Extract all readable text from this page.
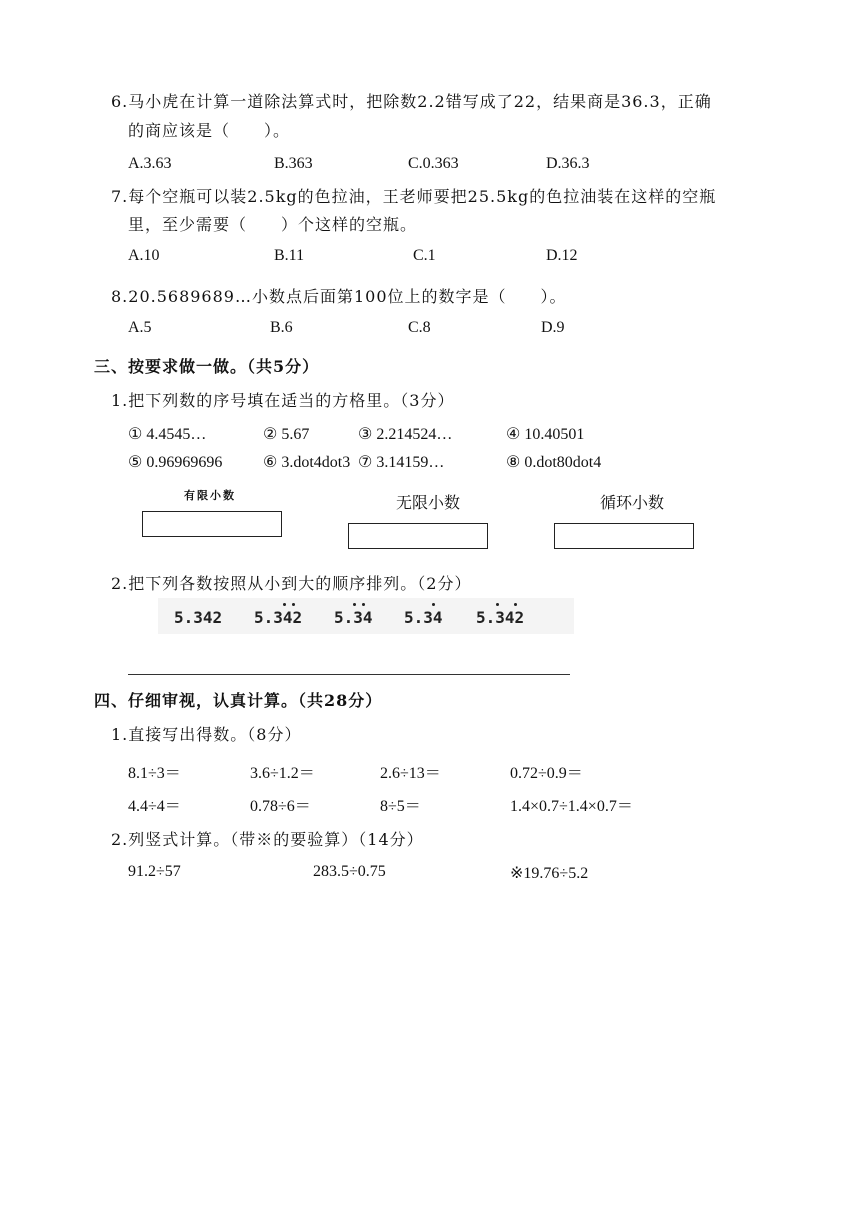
6.马小虎在计算一道除法算式时，把除数2.2错写成了22，结果商是36.3，正确
的商应该是（　　）。
A.3.63	B.363	C.0.363	D.36.3
7.每个空瓶可以装2.5kg的色拉油，王老师要把25.5kg的色拉油装在这样的空瓶
里，至少需要（　　）个这样的空瓶。
A.10	B.11	C.1	D.12
8.20.5689689…小数点后面第100位上的数字是（　　）。
A.5	B.6	C.8	D.9
三、按要求做一做。（共5分）
1.把下列数的序号填在适当的方格里。（3分）
① 4.4545…	② 5.67	③ 2.214524…	④ 10.40501
⑤ 0.96969696	⑥ 3.dot4dot3 ⑦ 3.14159…	⑧ 0.dot80dot4
有限小数	无限小数	循环小数
2.把下列各数按照从小到大的顺序排列。（2分）
5.342 5.342 5.34 5.34 5.342
四、仔细审视，认真计算。（共28分）
1.直接写出得数。（8分）
8.1÷3＝	3.6÷1.2＝	2.6÷13＝	0.72÷0.9＝
4.4÷4＝	0.78÷6＝	8÷5＝	1.4×0.7÷1.4×0.7＝
2.列竖式计算。（带※的要验算）（14分）
91.2÷57	283.5÷0.75	※19.76÷5.2
